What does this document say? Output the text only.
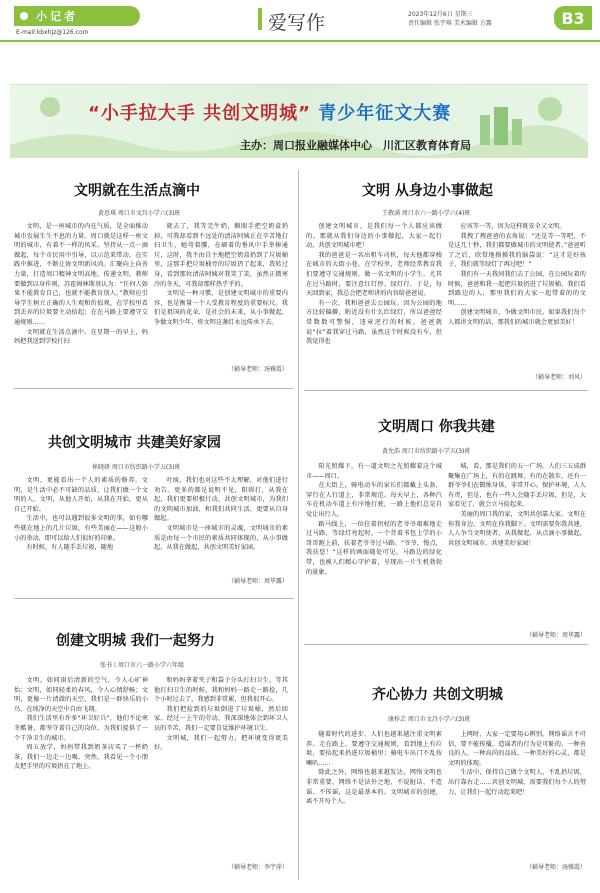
小记者
E-mail:kbxhjz@126.com	爱写作	2023年12月6日 星期三
责任编辑 张宇琪 美术编辑 方露	B3
“小手拉大手 共创文明城” 青少年征文大赛
主办：周口报业融媒体中心　川汇区教育体育局
文明就在生活点滴中
黄思琪 周口市文昌小学六(3)班

文明，是一座城市的内在气质，是全面推动城市发展生生不息的力量。周口就是这样一座文明的城市，有着不一样的风采。坚持从一点一滴做起，每个市民用中引导，以示范来带动，在实践中推进，不断让协文明新风尚。汇聚向上向善力量，打造周口精神文明高地。传递文明，教师要做到以身作则，苏霍姆林斯基认为：“任何人如果不能教育自己，也就不能教育别人。”教师应引导学生树立正确的人生观和价值观，在学校里看到丢弃的垃圾要主动拾起；在在马路上要遵守交通规则……

文明就在生活点滴中。在星期一的早上，妈妈把我送到学校打扫

就去了，我等完牛奶，顺眼手把空奶盒扔掉，可我却看到不远处的清洁阿姨正在辛苦地打扫卫生，她弯着腰，在刷着的垂风中手举捧通垃，这时，我不由自主地把空奶盒扔到了垃圾桶里，这那手把垃圾桶旁的垃圾扔了起来，我转过身，看到那位清洁阿姨对我笑了笑，虽然正微寒冷的冬天，可我却那样热乎乎的。

文明是一种习惯，是创建文明城市的重要内容，也是衡量一个人受教育程度的重要标尺。我们是祖国的花朵，是社会的未来，从小事做起，争做文明少年，将文明这盏灯永远传承下去。

（辅导老师：汤雅霞）
文明 从身边小事做起
王敬满 周口市六一路小学六(4)班

创建文明城市，是我们每一个人都应该做的。那就从我们身边的小事做起，大家一起行动，共创文明城市吧！

我的爸爸是一名出租车司机，每天他都穿梭在城市的大街小巷。在学校里，老师经常教育我们要遵守交通规则，做一名文明的小学生。尤其在过马路时，要注意红灯停、绿灯行，于是，每天回到家，我总会把老师讲的内容给爸爸说。

有一次，我和爸爸去公园玩。因为公园的地方比较偏僻，附近没有什么红绿灯，所以爸爸经常数数可警惕，违章逆行的时候，爸爸就说“拉”着我穿过马路，虽然这个时候没有车，但我觉得也

应该等一等，因为这样既安全又文明。

我拽了拽爸爸的衣角说：“还是等一等吧，不是这几十秒，我们都要做城市的文明使者。”爸爸听了之后，欣赏地摸摸我的脑袋说：“这才是好孩子，我们就等绿灯了再过吧！”

我们有一天我问我们去了公园，在公园玩着的时候，爸爸和我一起把垃圾扔进了垃圾桶。我们看到路边的人，那里我们的大家一起带着的的文明……

创建文明城市，争做文明市民。如果我们每个人都讲文明的话，那我们的城市就会更加美好！

（辅导老师：刘风）
共创文明城市 共建美好家园
崔晓妍 周口市纺织路小学五(3)班

文明，更能看出一个人的素质的修养。文明，是生活中必不可缺的品质，让我们做一个文明的人。文明，从他人开始，从我在开始，更从自己开始。

生活中，也可以遇到很多文明的事，如有哪些就在地上的几片垃圾，有些美丽在——这般小小的举动，即可以给人们很好的印象。

有时候，有人随手丢垃圾，随地

吐痰，我们也对这些不太理解，对他们进行劝告。更多的都是说明不见，阻碍打，从我在起，我们更要积极行动，共创文明城市，为我们的文明城市加油，和我们共同生活，更要从自身做起。

文明城市是一座城市的灵魂，文明城市的素质是由每一个市民的素质共同体现的，从小事做起，从我在做起，共创文明美好家园。

（辅导老师：周毕露）
文明周口 你我共建
黄允浩 周口市纺织路小学五(3)班

阳光照耀下，有一道文明之光照耀着这个城市——周口。

在大街上，骑电动车的家长们都戴上头盔，穿行在人行道上，非常规范。每天早上，各种汽车在机动车道上有序地行驶，一路上他们总是自觉让出行人。

路马线上，一位拄着拐杖的老爷爷艰难地走过马路，等绿灯亮起时，一个背着书包上学的小哥哥跑上前，扶着老爷爷过马路。“爷爷，慢点，我扶您！”这样的画面随处可见。马路边的绿化带，也被人们精心守护着，呈现出一片生机勃勃的景象。

城，看，那是我们的五一广场。人们三五成群聚集在广场上，有的在跳舞，有的在散步，还有一群爷爷们在锻炼身体，非常开心。保护环境，人人有责，但是，也有一些人会随手丢垃圾，但是，大家看见了，就会立马捡起来。

美丽的周口我的家，文明共创靠大家。文明在你我身边，文明在你我脚下。文明需要你我共建，人人争当文明使者，从我做起，从点滴小事做起，共创文明城市，共建美好家园！

（辅导老师：周毕露）
创建文明城 我们一起努力
张书丨周口市六一路小学六年级

文明，如同雨后清新的空气，令人心旷神怡；文明，如同轻柔的春风，令人心情舒畅；文明，更像一片清澈的天空，我们是一群快乐的小鸟，在纯净的天空中自由飞翔。

我们生活里有许多“环卫好兵”，他们不论寒冬酷暑，都坚守着自己的岗位，为我们提供了一个干净卫生的城市。

周五放学，妈妈带我到奶茶店买了一杯奶茶，我们一边走一边喝。突然，我看见一个小朋友把手里的垃圾扔在了地上。

和妈妈拿着夹子和袋子分头打扫卫生，等其他打扫卫生的时候，我和妈妈一路走一路捡，几个小时过去了，我感到非常累，但我很开心。

我们把捡到的垃圾倒进了垃圾桶，然后回家。经过一上午的劳动，我深深地体会到环卫人员的辛苦，我们一定要自觉维护环境卫生。

文明城，我们一起努力，把环境变得更美好。

（辅导老师：李宇萍）
齐心协力 共创文明城
康梓芸 周口市文昌小学六(3)班

随着时代的进步，人们也越来越注重文明素养。走在路上，要遵守交通规则，看到地上有垃圾，要拾起来扔进垃圾桶里；骑电车出门不乱按喇叭……

除此之外，网络也越来越发达，网络文明也非常重要。网络不是法外之地，不说脏话、不造谣、不传谣，这是最基本的。文明城市的创建，离不开每个人。

上网时，大家一定要用心辨别，网络谣言不可信，要不能传播，造谣者的行为是可耻的。一种善良的人，一种高尚的品质，一种美好的心灵，都是文明的体现。

生活中，保持自己做个文明人，不乱扔垃圾，出行靠右走……共创文明城，需要我们每个人的努力，让我们一起行动起来吧！

（辅导老师：汤雅霞）
